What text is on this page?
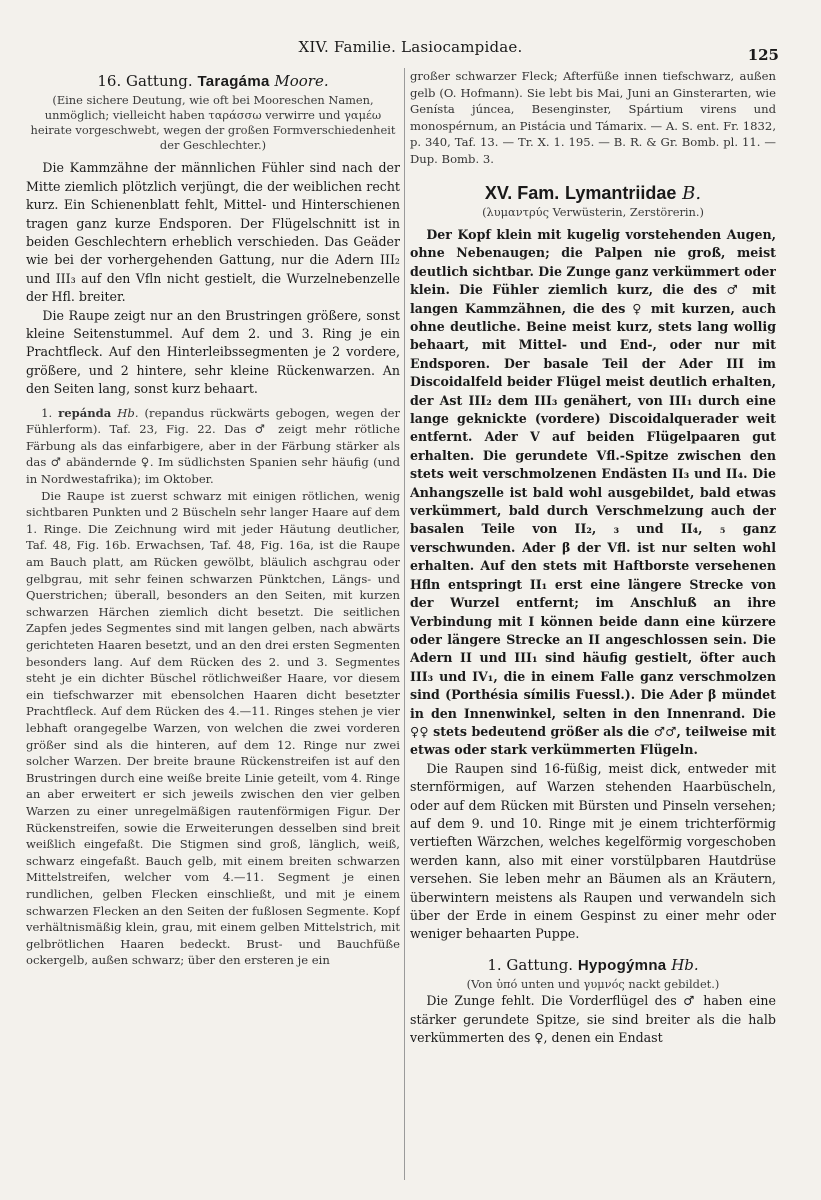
XIV. Familie. Lasiocampidae.	125

16. Gattung. Taragáma Moore.

(Eine sichere Deutung, wie oft bei Mooreschen Namen, unmöglich; vielleicht haben ταράσσω verwirre und γαμέω heirate vorgeschwebt, wegen der großen Formverschiedenheit der Geschlechter.)

Die Kammzähne der männlichen Fühler sind nach der Mitte ziemlich plötzlich verjüngt, die der weiblichen recht kurz. Ein Schienenblatt fehlt, Mittel- und Hinterschienen tragen ganz kurze Endsporen. Der Flügelschnitt ist in beiden Geschlechtern erheblich verschieden. Das Geäder wie bei der vorhergehenden Gattung, nur die Adern III₂ und III₃ auf den Vfln nicht gestielt, die Wurzelnebenzelle der Hfl. breiter.

Die Raupe zeigt nur an den Brustringen größere, sonst kleine Seitenstummel. Auf dem 2. und 3. Ring je ein Prachtfleck. Auf den Hinterleibssegmenten je 2 vordere, größere, und 2 hintere, sehr kleine Rückenwarzen. An den Seiten lang, sonst kurz behaart.

1. repánda Hb. (repandus rückwärts gebogen, wegen der Fühlerform). Taf. 23, Fig. 22. Das ♂ zeigt mehr rötliche Färbung als das einfarbigere, aber in der Färbung stärker als das ♂ abändernde ♀. Im südlichsten Spanien sehr häufig (und in Nordwestafrika); im Oktober.

Die Raupe ist zuerst schwarz mit einigen rötlichen, wenig sichtbaren Punkten und 2 Büscheln sehr langer Haare auf dem 1. Ringe. Die Zeichnung wird mit jeder Häutung deutlicher, Taf. 48, Fig. 16b. Erwachsen, Taf. 48, Fig. 16a, ist die Raupe am Bauch platt, am Rücken gewölbt, bläulich aschgrau oder gelbgrau, mit sehr feinen schwarzen Pünktchen, Längs- und Querstrichen; überall, besonders an den Seiten, mit kurzen schwarzen Härchen ziemlich dicht besetzt. Die seitlichen Zapfen jedes Segmentes sind mit langen gelben, nach abwärts gerichteten Haaren besetzt, und an den drei ersten Segmenten besonders lang. Auf dem Rücken des 2. und 3. Segmentes steht je ein dichter Büschel rötlichweißer Haare, vor diesem ein tiefschwarzer mit ebensolchen Haaren dicht besetzter Prachtfleck. Auf dem Rücken des 4.—11. Ringes stehen je vier lebhaft orangegelbe Warzen, von welchen die zwei vorderen größer sind als die hinteren, auf dem 12. Ringe nur zwei solcher Warzen. Der breite braune Rückenstreifen ist auf den Brustringen durch eine weiße breite Linie geteilt, vom 4. Ringe an aber erweitert er sich jeweils zwischen den vier gelben Warzen zu einer unregelmäßigen rautenförmigen Figur. Der Rückenstreifen, sowie die Erweiterungen desselben sind breit weißlich eingefaßt. Die Stigmen sind groß, länglich, weiß, schwarz eingefaßt. Bauch gelb, mit einem breiten schwarzen Mittelstreifen, welcher vom 4.—11. Segment je einen rundlichen, gelben Flecken einschließt, und mit je einem schwarzen Flecken an den Seiten der fußlosen Segmente. Kopf verhältnismäßig klein, grau, mit einem gelben Mittelstrich, mit gelbrötlichen Haaren bedeckt. Brust- und Bauchfüße ockergelb, außen schwarz; über den ersteren je ein

großer schwarzer Fleck; Afterfüße innen tiefschwarz, außen gelb (O. Hofmann). Sie lebt bis Mai, Juni an Ginsterarten, wie Genísta júncea, Besenginster, Spártium virens und monospérnum, an Pistácia und Támarix. — A. S. ent. Fr. 1832, p. 340, Taf. 13. — Tr. X. 1. 195. — B. R. & Gr. Bomb. pl. 11. — Dup. Bomb. 3.

XV. Fam. Lymantriidae B.

(λυμαντρύς Verwüsterin, Zerstörerin.)

Der Kopf klein mit kugelig vorstehenden Augen, ohne Nebenaugen; die Palpen nie groß, meist deutlich sichtbar. Die Zunge ganz verkümmert oder klein. Die Fühler ziemlich kurz, die des ♂ mit langen Kammzähnen, die des ♀ mit kurzen, auch ohne deutliche. Beine meist kurz, stets lang wollig behaart, mit Mittel- und End-, oder nur mit Endsporen. Der basale Teil der Ader III im Discoidalfeld beider Flügel meist deutlich erhalten, der Ast III₂ dem III₃ genähert, von III₁ durch eine lange geknickte (vordere) Discoidalquerader weit entfernt. Ader V auf beiden Flügelpaaren gut erhalten. Die gerundete Vfl.-Spitze zwischen den stets weit verschmolzenen Endästen II₃ und II₄. Die Anhangszelle ist bald wohl ausgebildet, bald etwas verkümmert, bald durch Verschmelzung auch der basalen Teile von II₂, ₃ und II₄, ₅ ganz verschwunden. Ader β der Vfl. ist nur selten wohl erhalten. Auf den stets mit Haftborste versehenen Hfln entspringt II₁ erst eine längere Strecke von der Wurzel entfernt; im Anschluß an ihre Verbindung mit I können beide dann eine kürzere oder längere Strecke an II angeschlossen sein. Die Adern II und III₁ sind häufig gestielt, öfter auch III₃ und IV₁, die in einem Falle ganz verschmolzen sind (Porthésia símilis Fuessl.). Die Ader β mündet in den Innenwinkel, selten in den Innenrand. Die ♀♀ stets bedeutend größer als die ♂♂, teilweise mit etwas oder stark verkümmerten Flügeln.

Die Raupen sind 16-füßig, meist dick, entweder mit sternförmigen, auf Warzen stehenden Haarbüscheln, oder auf dem Rücken mit Bürsten und Pinseln versehen; auf dem 9. und 10. Ringe mit je einem trichterförmig vertieften Wärzchen, welches kegelförmig vorgeschoben werden kann, also mit einer vorstülpbaren Hautdrüse versehen. Sie leben mehr an Bäumen als an Kräutern, überwintern meistens als Raupen und verwandeln sich über der Erde in einem Gespinst zu einer mehr oder weniger behaarten Puppe.

1. Gattung. Hypogýmna Hb.

(Von ὑπό unten und γυμνός nackt gebildet.)

Die Zunge fehlt. Die Vorderflügel des ♂ haben eine stärker gerundete Spitze, sie sind breiter als die halb verkümmerten des ♀, denen ein Endast
